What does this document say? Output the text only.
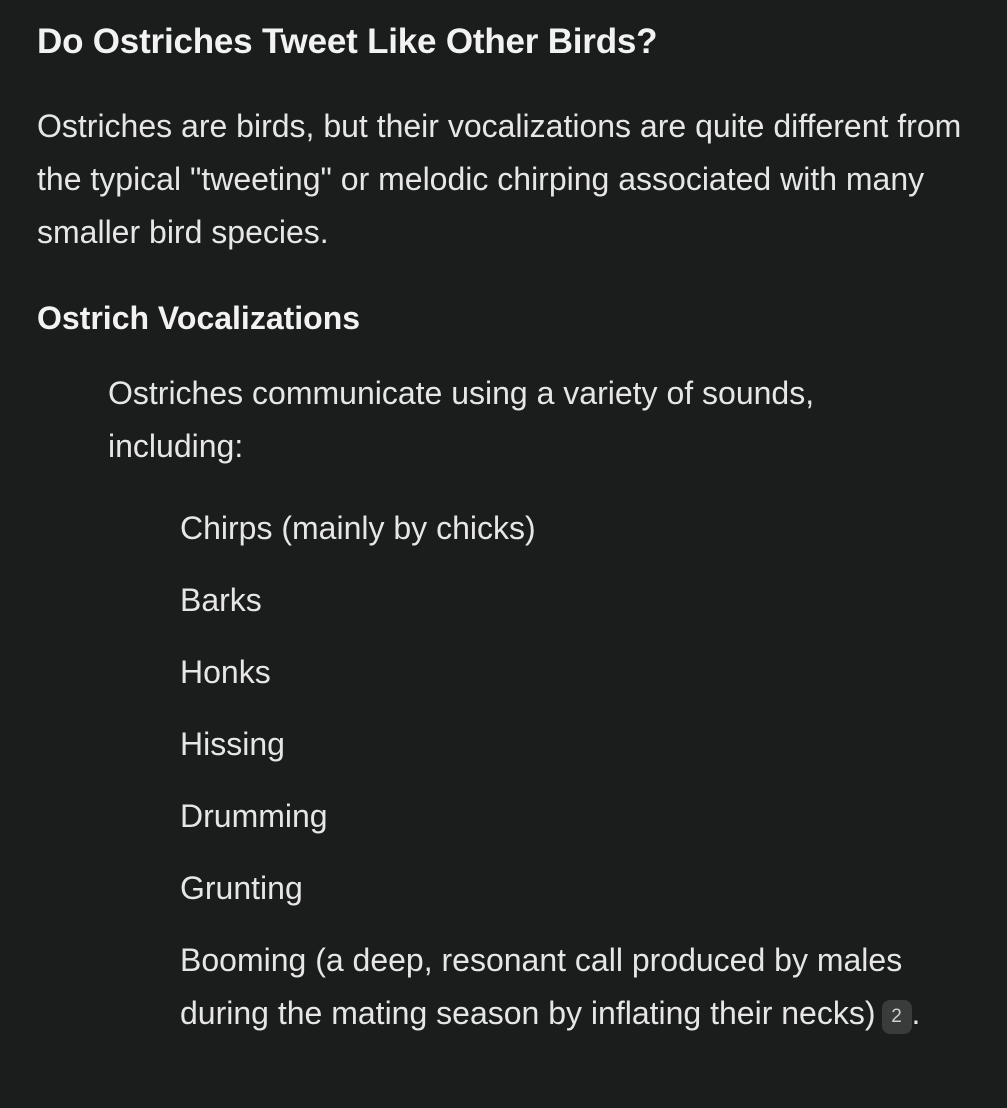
Do Ostriches Tweet Like Other Birds?

Ostriches are birds, but their vocalizations are quite different from the typical "tweeting" or melodic chirping associated with many smaller bird species.

Ostrich Vocalizations

Ostriches communicate using a variety of sounds, including:

Chirps (mainly by chicks)
Barks
Honks
Hissing
Drumming
Grunting
Booming (a deep, resonant call produced by males during the mating season by inflating their necks) 2 .
